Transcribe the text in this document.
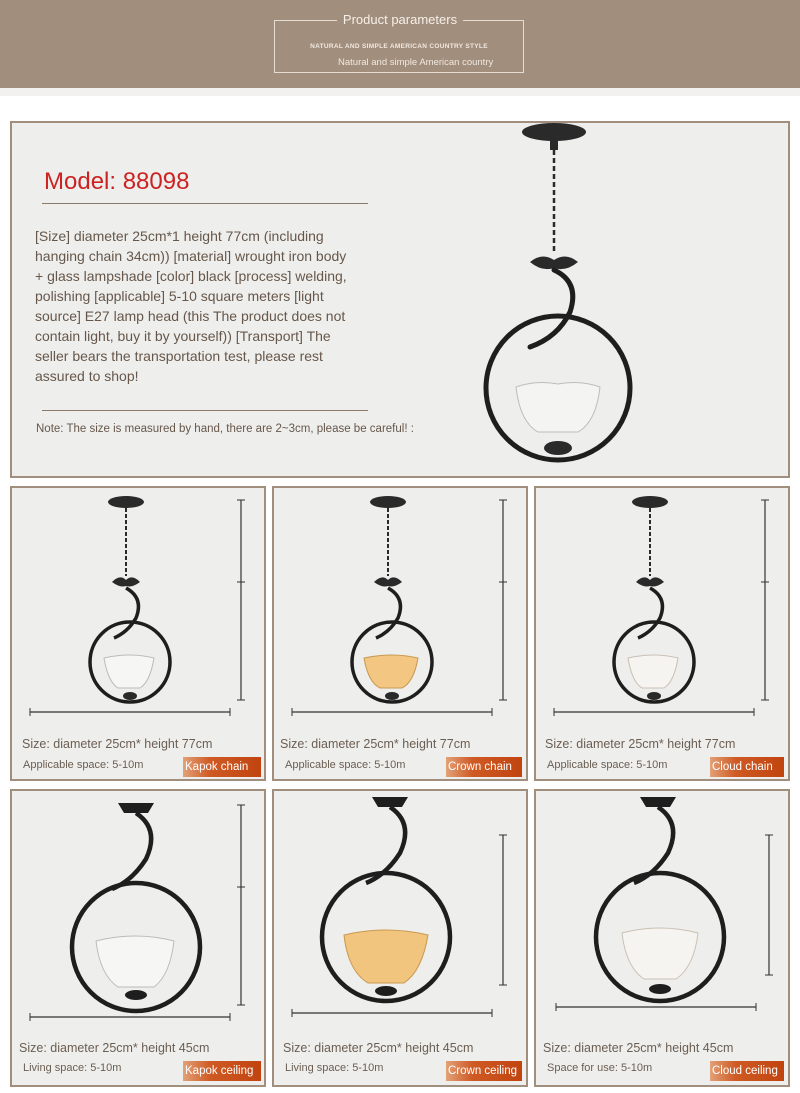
Product parameters
NATURAL AND SIMPLE AMERICAN COUNTRY STYLE
Natural and simple American country
Model: 88098
[Size] diameter 25cm*1 height 77cm (including hanging chain 34cm)) [material] wrought iron body + glass lampshade [color] black [process] welding, polishing [applicable] 5-10 square meters [light source] E27 lamp head (this The product does not contain light, buy it by yourself)) [Transport] The seller bears the transportation test, please rest assured to shop!
Note: The size is measured by hand, there are 2~3cm, please be careful! :
Size: diameter 25cm* height 77cm
Applicable space: 5-10m	Kapok chain
Size: diameter 25cm* height 77cm
Applicable space: 5-10m	Crown chain
Size: diameter 25cm* height 77cm
Applicable space: 5-10m	Cloud chain
Size: diameter 25cm* height 45cm
Living space: 5-10m	Kapok ceiling
Size: diameter 25cm* height 45cm
Living space: 5-10m	Crown ceiling
Size: diameter 25cm* height 45cm
Space for use: 5-10m	Cloud ceiling
